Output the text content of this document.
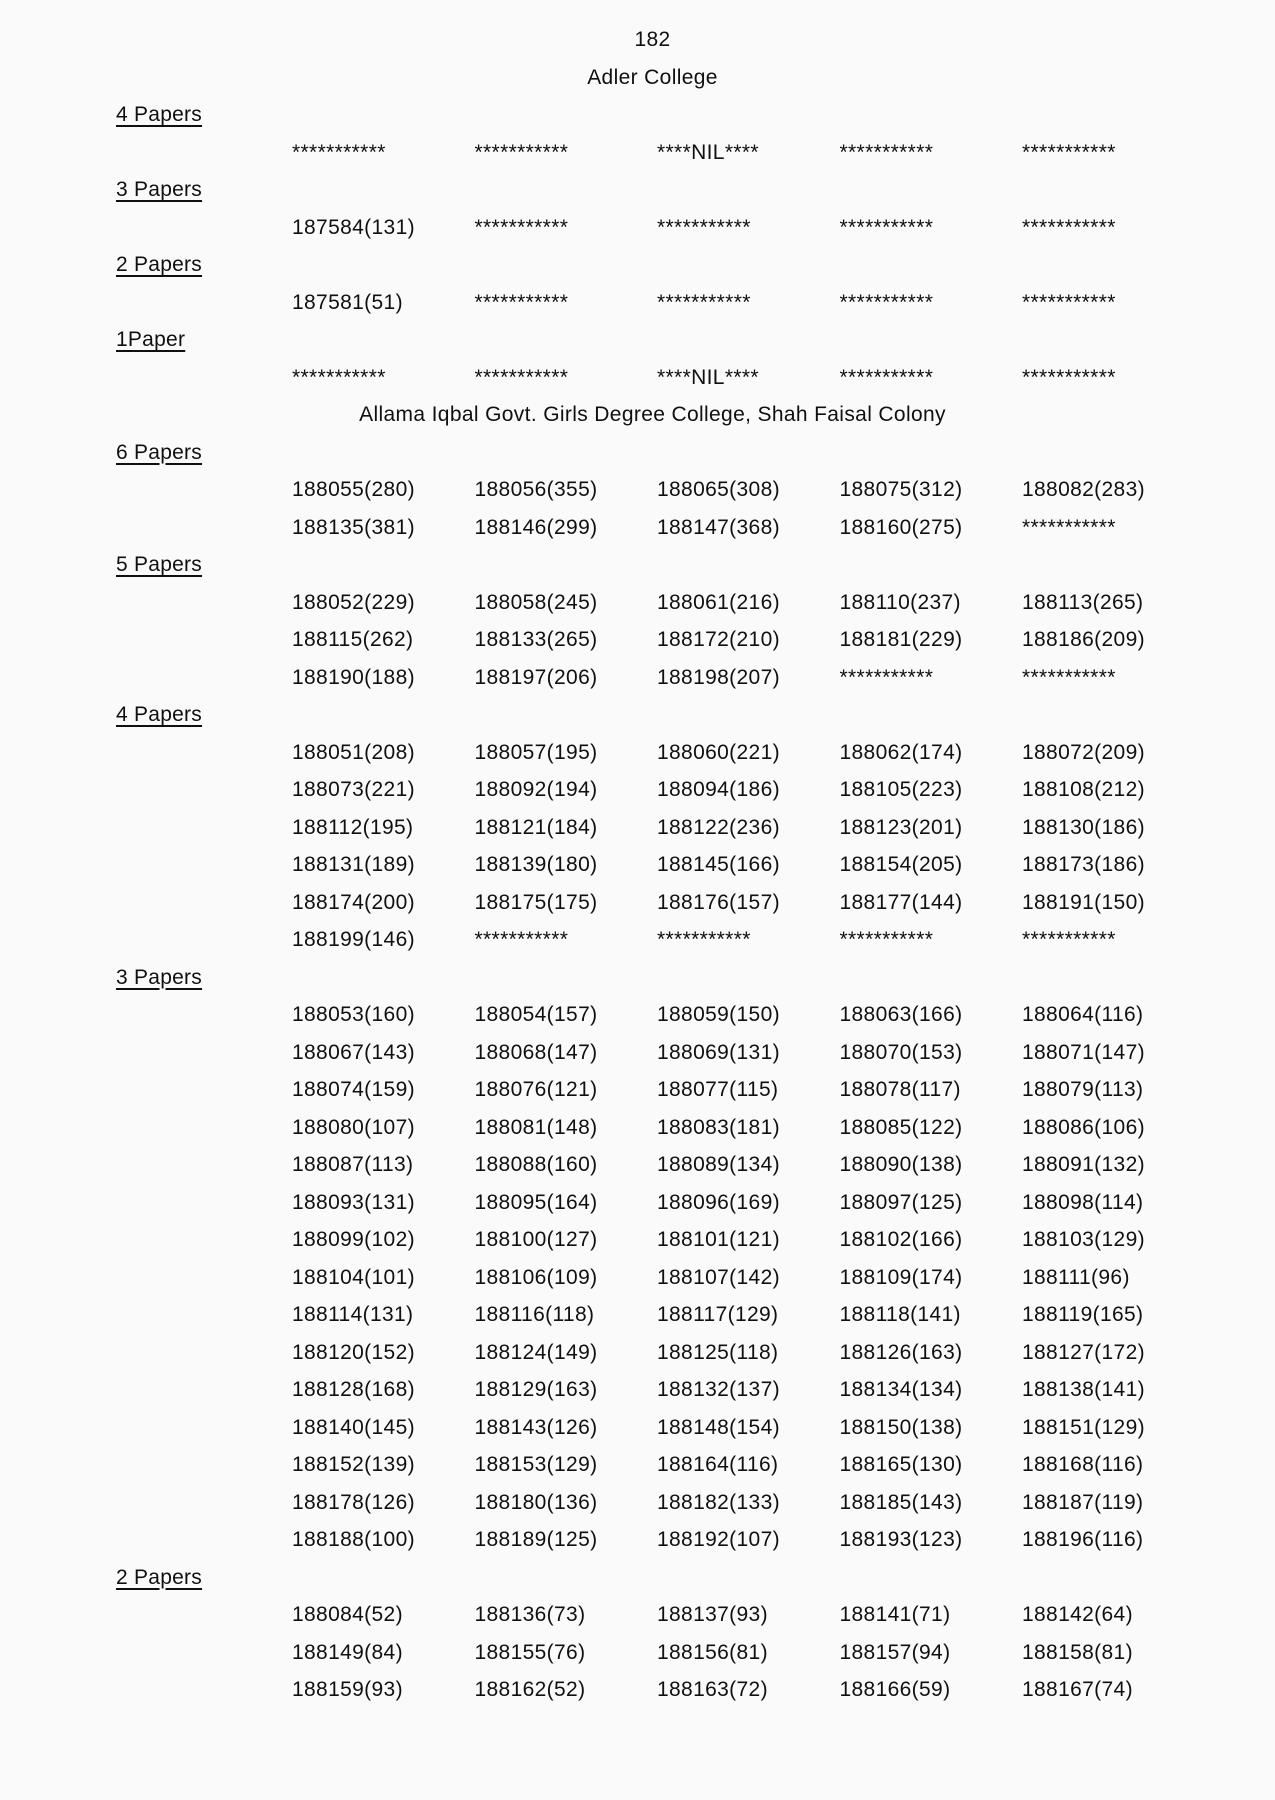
182
Adler College
4 Papers
***********	***********	****NIL****	***********	***********
3 Papers
187584(131)	***********	***********	***********	***********
2 Papers
187581(51)	***********	***********	***********	***********
1Paper
***********	***********	****NIL****	***********	***********
Allama Iqbal Govt. Girls Degree College, Shah Faisal Colony
6 Papers
188055(280)	188056(355)	188065(308)	188075(312)	188082(283)
188135(381)	188146(299)	188147(368)	188160(275)	***********
5 Papers
188052(229)	188058(245)	188061(216)	188110(237)	188113(265)
188115(262)	188133(265)	188172(210)	188181(229)	188186(209)
188190(188)	188197(206)	188198(207)	***********	***********
4 Papers
188051(208)	188057(195)	188060(221)	188062(174)	188072(209)
188073(221)	188092(194)	188094(186)	188105(223)	188108(212)
188112(195)	188121(184)	188122(236)	188123(201)	188130(186)
188131(189)	188139(180)	188145(166)	188154(205)	188173(186)
188174(200)	188175(175)	188176(157)	188177(144)	188191(150)
188199(146)	***********	***********	***********	***********
3 Papers
188053(160)	188054(157)	188059(150)	188063(166)	188064(116)
188067(143)	188068(147)	188069(131)	188070(153)	188071(147)
188074(159)	188076(121)	188077(115)	188078(117)	188079(113)
188080(107)	188081(148)	188083(181)	188085(122)	188086(106)
188087(113)	188088(160)	188089(134)	188090(138)	188091(132)
188093(131)	188095(164)	188096(169)	188097(125)	188098(114)
188099(102)	188100(127)	188101(121)	188102(166)	188103(129)
188104(101)	188106(109)	188107(142)	188109(174)	188111(96)
188114(131)	188116(118)	188117(129)	188118(141)	188119(165)
188120(152)	188124(149)	188125(118)	188126(163)	188127(172)
188128(168)	188129(163)	188132(137)	188134(134)	188138(141)
188140(145)	188143(126)	188148(154)	188150(138)	188151(129)
188152(139)	188153(129)	188164(116)	188165(130)	188168(116)
188178(126)	188180(136)	188182(133)	188185(143)	188187(119)
188188(100)	188189(125)	188192(107)	188193(123)	188196(116)
2 Papers
188084(52)	188136(73)	188137(93)	188141(71)	188142(64)
188149(84)	188155(76)	188156(81)	188157(94)	188158(81)
188159(93)	188162(52)	188163(72)	188166(59)	188167(74)
